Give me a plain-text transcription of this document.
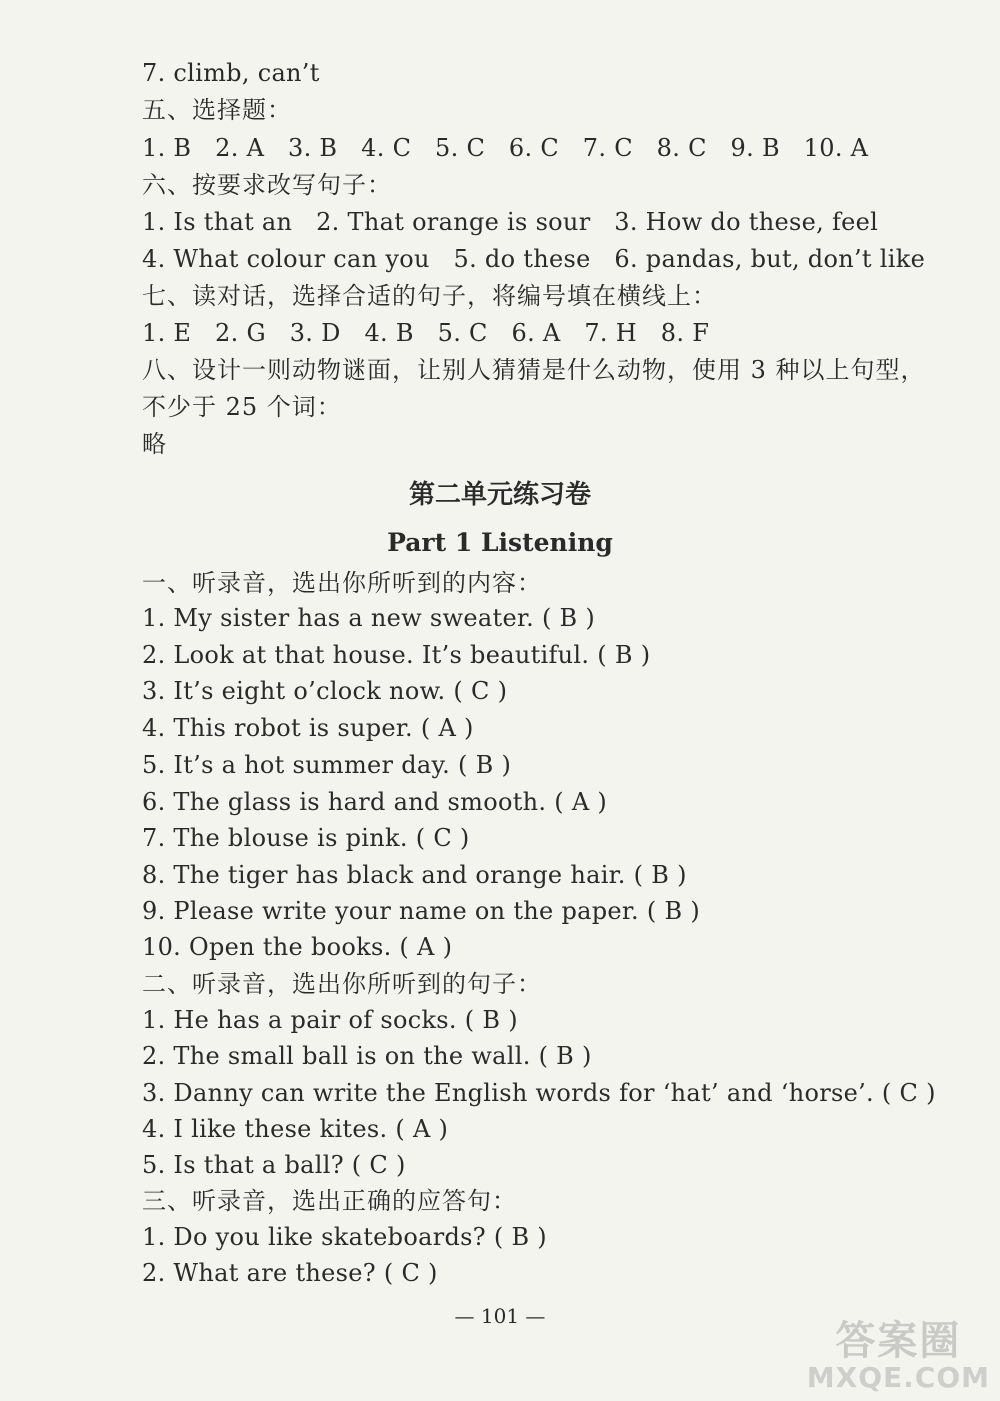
7. climb, can’t
五、选择题：
1. B   2. A   3. B   4. C   5. C   6. C   7. C   8. C   9. B   10. A
六、按要求改写句子：
1. Is that an   2. That orange is sour   3. How do these, feel
4. What colour can you   5. do these   6. pandas, but, don’t like
七、读对话，选择合适的句子，将编号填在横线上：
1. E   2. G   3. D   4. B   5. C   6. A   7. H   8. F
八、设计一则动物谜面，让别人猜猜是什么动物，使用 3 种以上句型，
不少于 25 个词：
略
第二单元练习卷
Part 1 Listening
一、听录音，选出你所听到的内容：
1. My sister has a new sweater. ( B )
2. Look at that house. It’s beautiful. ( B )
3. It’s eight o’clock now. ( C )
4. This robot is super. ( A )
5. It’s a hot summer day. ( B )
6. The glass is hard and smooth. ( A )
7. The blouse is pink. ( C )
8. The tiger has black and orange hair. ( B )
9. Please write your name on the paper. ( B )
10. Open the books. ( A )
二、听录音，选出你所听到的句子：
1. He has a pair of socks. ( B )
2. The small ball is on the wall. ( B )
3. Danny can write the English words for ‘hat’ and ‘horse’. ( C )
4. I like these kites. ( A )
5. Is that a ball? ( C )
三、听录音，选出正确的应答句：
1. Do you like skateboards? ( B )
2. What are these? ( C )
— 101 —
答案圈
MXQE.COM
